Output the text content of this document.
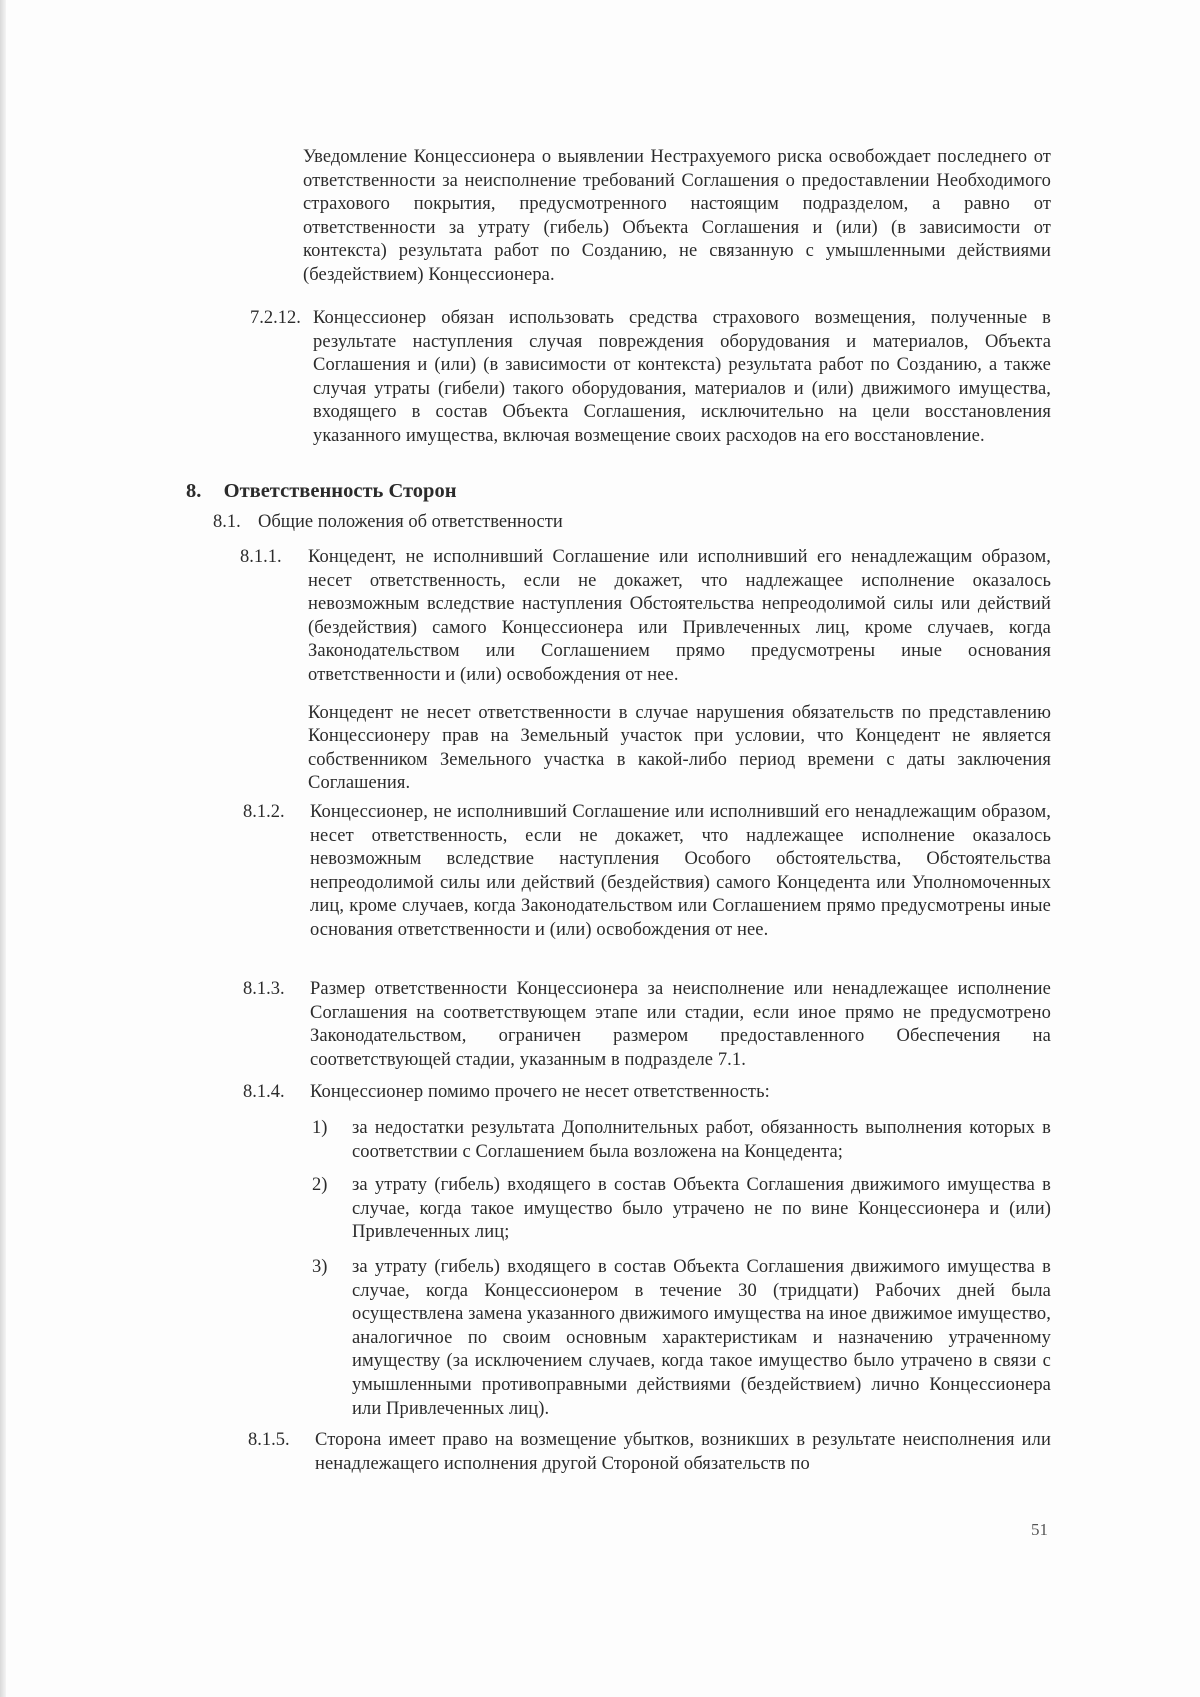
Уведомление Концессионера о выявлении Нестрахуемого риска освобождает последнего от ответственности за неисполнение требований Соглашения о предоставлении Необходимого страхового покрытия, предусмотренного настоящим подразделом, а равно от ответственности за утрату (гибель) Объекта Соглашения и (или) (в зависимости от контекста) результата работ по Созданию, не связанную с умышленными действиями (бездействием) Концессионера.

7.2.12. Концессионер обязан использовать средства страхового возмещения, полученные в результате наступления случая повреждения оборудования и материалов, Объекта Соглашения и (или) (в зависимости от контекста) результата работ по Созданию, а также случая утраты (гибели) такого оборудования, материалов и (или) движимого имущества, входящего в состав Объекта Соглашения, исключительно на цели восстановления указанного имущества, включая возмещение своих расходов на его восстановление.

8. Ответственность Сторон
8.1. Общие положения об ответственности
8.1.1. Концедент, не исполнивший Соглашение или исполнивший его ненадлежащим образом, несет ответственность, если не докажет, что надлежащее исполнение оказалось невозможным вследствие наступления Обстоятельства непреодолимой силы или действий (бездействия) самого Концессионера или Привлеченных лиц, кроме случаев, когда Законодательством или Соглашением прямо предусмотрены иные основания ответственности и (или) освобождения от нее.

Концедент не несет ответственности в случае нарушения обязательств по представлению Концессионеру прав на Земельный участок при условии, что Концедент не является собственником Земельного участка в какой-либо период времени с даты заключения Соглашения.

8.1.2. Концессионер, не исполнивший Соглашение или исполнивший его ненадлежащим образом, несет ответственность, если не докажет, что надлежащее исполнение оказалось невозможным вследствие наступления Особого обстоятельства, Обстоятельства непреодолимой силы или действий (бездействия) самого Концедента или Уполномоченных лиц, кроме случаев, когда Законодательством или Соглашением прямо предусмотрены иные основания ответственности и (или) освобождения от нее.

8.1.3. Размер ответственности Концессионера за неисполнение или ненадлежащее исполнение Соглашения на соответствующем этапе или стадии, если иное прямо не предусмотрено Законодательством, ограничен размером предоставленного Обеспечения на соответствующей стадии, указанным в подразделе 7.1.

8.1.4. Концессионер помимо прочего не несет ответственность:

1) за недостатки результата Дополнительных работ, обязанность выполнения которых в соответствии с Соглашением была возложена на Концедента;

2) за утрату (гибель) входящего в состав Объекта Соглашения движимого имущества в случае, когда такое имущество было утрачено не по вине Концессионера и (или) Привлеченных лиц;

3) за утрату (гибель) входящего в состав Объекта Соглашения движимого имущества в случае, когда Концессионером в течение 30 (тридцати) Рабочих дней была осуществлена замена указанного движимого имущества на иное движимое имущество, аналогичное по своим основным характеристикам и назначению утраченному имуществу (за исключением случаев, когда такое имущество было утрачено в связи с умышленными противоправными действиями (бездействием) лично Концессионера или Привлеченных лиц).

8.1.5. Сторона имеет право на возмещение убытков, возникших в результате неисполнения или ненадлежащего исполнения другой Стороной обязательств по

51
